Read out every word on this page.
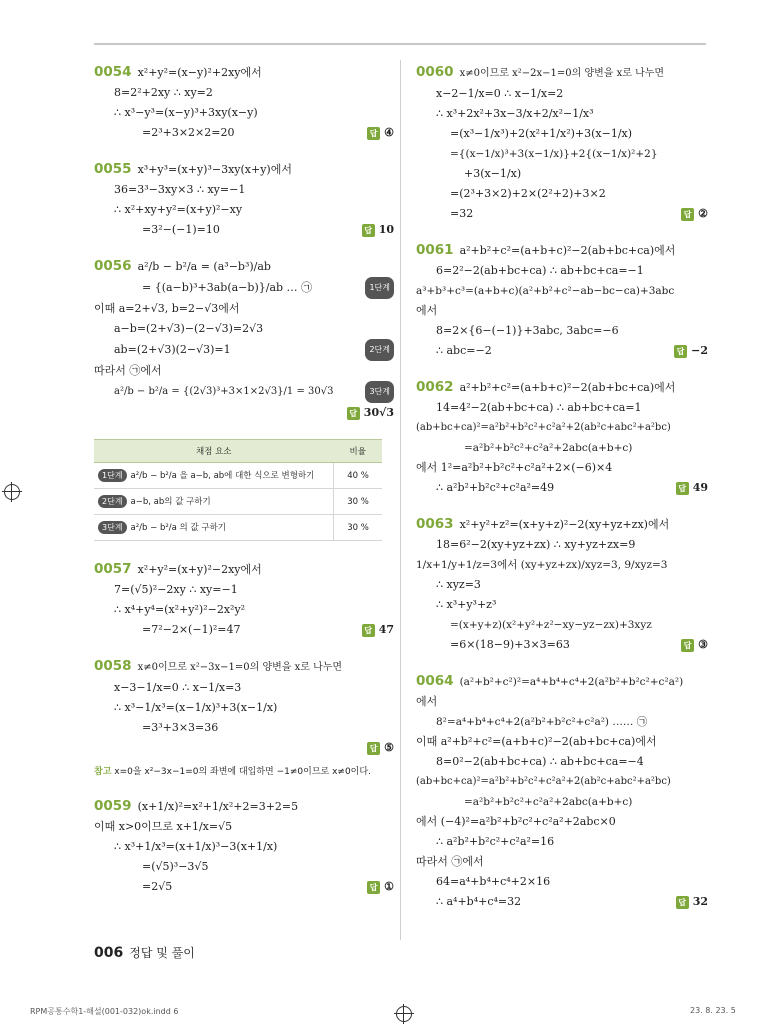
0054 x²+y²=(x−y)²+2xy에서
8=2²+2xy ∴ xy=2
∴ x³−y³=(x−y)³+3xy(x−y)
=2³+3×2×2=20	답 ④
0055 x³+y³=(x+y)³−3xy(x+y)에서
36=3³−3xy×3 ∴ xy=−1
∴ x²+xy+y²=(x+y)²−xy
=3²−(−1)=10	답 10
0056 a²/b − b²/a = (a³−b³)/ab
= {(a−b)³+3ab(a−b)}/ab … ㉠	1단계
이때 a=2+√3, b=2−√3에서
a−b=(2+√3)−(2−√3)=2√3
ab=(2+√3)(2−√3)=1	2단계
따라서 ㉠에서
a²/b − b²/a = {(2√3)³+3×1×2√3}/1 = 30√3	3단계
답 30√3
채점 요소	비율
1단계 a²/b − b²/a 을 a−b, ab에 대한 식으로 변형하기	40 %
2단계 a−b, ab의 값 구하기	30 %
3단계 a²/b − b²/a 의 값 구하기	30 %
0057 x²+y²=(x+y)²−2xy에서
7=(√5)²−2xy ∴ xy=−1
∴ x⁴+y⁴=(x²+y²)²−2x²y²
=7²−2×(−1)²=47	답 47
0058 x≠0이므로 x²−3x−1=0의 양변을 x로 나누면
x−3−1/x=0 ∴ x−1/x=3
∴ x³−1/x³=(x−1/x)³+3(x−1/x)
=3³+3×3=36
답 ⑤
참고 x=0을 x²−3x−1=0의 좌변에 대입하면 −1≠0이므로 x≠0이다.
0059 (x+1/x)²=x²+1/x²+2=3+2=5
이때 x>0이므로 x+1/x=√5
∴ x³+1/x³=(x+1/x)³−3(x+1/x)
=(√5)³−3√5
=2√5	답 ①
0060 x≠0이므로 x²−2x−1=0의 양변을 x로 나누면
x−2−1/x=0 ∴ x−1/x=2
∴ x³+2x²+3x−3/x+2/x²−1/x³
=(x³−1/x³)+2(x²+1/x²)+3(x−1/x)
={(x−1/x)³+3(x−1/x)}+2{(x−1/x)²+2}
+3(x−1/x)
=(2³+3×2)+2×(2²+2)+3×2
=32	답 ②
0061 a²+b²+c²=(a+b+c)²−2(ab+bc+ca)에서
6=2²−2(ab+bc+ca) ∴ ab+bc+ca=−1
a³+b³+c³=(a+b+c)(a²+b²+c²−ab−bc−ca)+3abc
에서
8=2×{6−(−1)}+3abc, 3abc=−6
∴ abc=−2	답 −2
0062 a²+b²+c²=(a+b+c)²−2(ab+bc+ca)에서
14=4²−2(ab+bc+ca) ∴ ab+bc+ca=1
(ab+bc+ca)²=a²b²+b²c²+c²a²+2(ab²c+abc²+a²bc)
=a²b²+b²c²+c²a²+2abc(a+b+c)
에서 1²=a²b²+b²c²+c²a²+2×(−6)×4
∴ a²b²+b²c²+c²a²=49	답 49
0063 x²+y²+z²=(x+y+z)²−2(xy+yz+zx)에서
18=6²−2(xy+yz+zx) ∴ xy+yz+zx=9
1/x+1/y+1/z=3에서 (xy+yz+zx)/xyz=3, 9/xyz=3
∴ xyz=3
∴ x³+y³+z³
=(x+y+z)(x²+y²+z²−xy−yz−zx)+3xyz
=6×(18−9)+3×3=63	답 ③
0064 (a²+b²+c²)²=a⁴+b⁴+c⁴+2(a²b²+b²c²+c²a²)
에서
8²=a⁴+b⁴+c⁴+2(a²b²+b²c²+c²a²) …… ㉠
이때 a²+b²+c²=(a+b+c)²−2(ab+bc+ca)에서
8=0²−2(ab+bc+ca) ∴ ab+bc+ca=−4
(ab+bc+ca)²=a²b²+b²c²+c²a²+2(ab²c+abc²+a²bc)
=a²b²+b²c²+c²a²+2abc(a+b+c)
에서 (−4)²=a²b²+b²c²+c²a²+2abc×0
∴ a²b²+b²c²+c²a²=16
따라서 ㉠에서
64=a⁴+b⁴+c⁴+2×16
∴ a⁴+b⁴+c⁴=32	답 32
006 정답 및 풀이
RPM공통수학1-해설(001-032)ok.indd 6	23. 8. 23. 5
